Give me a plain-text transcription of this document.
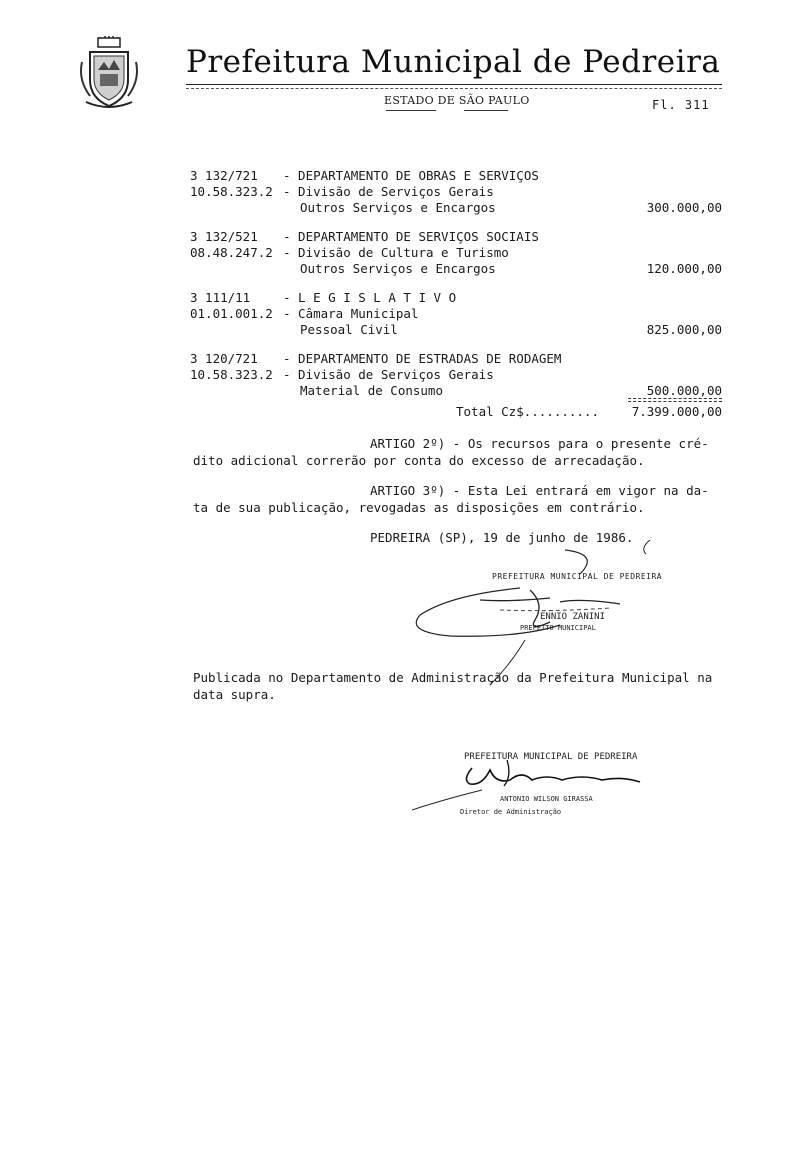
Prefeitura Municipal de Pedreira
ESTADO DE SÃO PAULO	Fl. 311
3 132/721 - DEPARTAMENTO DE OBRAS E SERVIÇOS
10.58.323.2 - Divisão de Serviços Gerais
Outros Serviços e Encargos	300.000,00
3 132/521 - DEPARTAMENTO DE SERVIÇOS SOCIAIS
08.48.247.2 - Divisão de Cultura e Turismo
Outros Serviços e Encargos	120.000,00
3 111/11	- L E G I S L A T I V O
01.01.001.2 - Câmara Municipal
Pessoal Civil	825.000,00
3 120/721 - DEPARTAMENTO DE ESTRADAS DE RODAGEM
10.58.323.2 - Divisão de Serviços Gerais
Material de Consumo	500.000,00
Total Cz$..........	7.399.000,00
ARTIGO 2º) - Os recursos para o presente cré-
dito adicional correrão por conta do excesso de arrecadação.
ARTIGO 3º) - Esta Lei entrará em vigor na da-
ta de sua publicação, revogadas as disposições em contrário.
PEDREIRA (SP), 19 de junho de 1986.
PREFEITURA MUNICIPAL DE PEDREIRA
ENNIO ZANINI
PREFEITO MUNICIPAL
Publicada no Departamento de Administração da Prefeitura Municipal na
data supra.
PREFEITURA MUNICIPAL DE PEDREIRA
ANTONIO WILSON GIRASSA
Diretor de Administração
